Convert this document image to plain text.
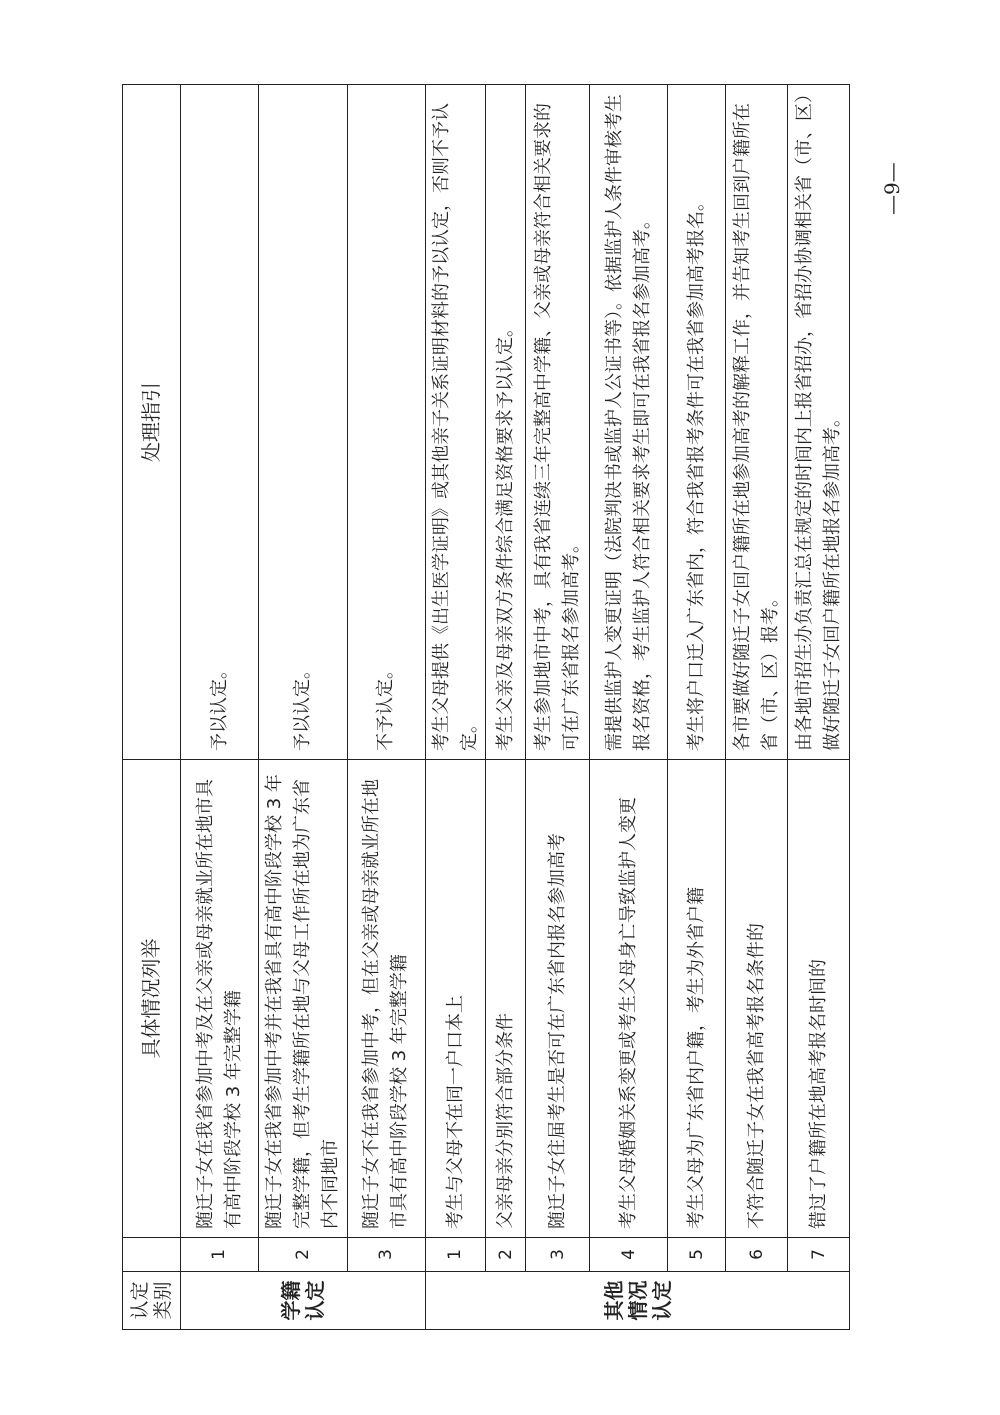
认定
类别		具体情况列举	处理指引
学籍
认定	1	随迁子女在我省参加中考及在父亲或母亲就业所在地市具有高中阶段学校 3 年完整学籍	予以认定。
	2	随迁子女在我省参加中考并在我省具有高中阶段学校 3 年完整学籍，但考生学籍所在地与父母工作所在地为广东省内不同地市	予以认定。
	3	随迁子女不在我省参加中考，但在父亲或母亲就业所在地市具有高中阶段学校 3 年完整学籍	不予认定。
其他
情况
认定	1	考生与父母不在同一户口本上	考生父母提供《出生医学证明》或其他亲子关系证明材料的予以认定，否则不予认定。
	2	父亲母亲分别符合部分条件	考生父亲及母亲双方条件综合满足资格要求予以认定。
	3	随迁子女往届考生是否可在广东省内报名参加高考	考生参加地市中考，具有我省连续三年完整高中学籍、父亲或母亲符合相关要求的可在广东省报名参加高考。
	4	考生父母婚姻关系变更或考生父母身亡导致监护人变更	需提供监护人变更证明（法院判决书或监护人公证书等）。依据监护人条件审核考生报名资格，考生监护人符合相关要求考生即可在我省报名参加高考。
	5	考生父母为广东省内户籍，考生为外省户籍	考生将户口迁入广东省内，符合我省报考条件可在我省参加高考报名。
	6	不符合随迁子女在我省高考报名条件的	各市要做好随迁子女回户籍所在地参加高考的解释工作，并告知考生回到户籍所在省（市、区）报考。
	7	错过了户籍所在地高考报名时间的	由各地市招生办负责汇总在规定的时间内上报省招办，省招办协调相关省（市、区）做好随迁子女回户籍所在地报名参加高考。
—9—
